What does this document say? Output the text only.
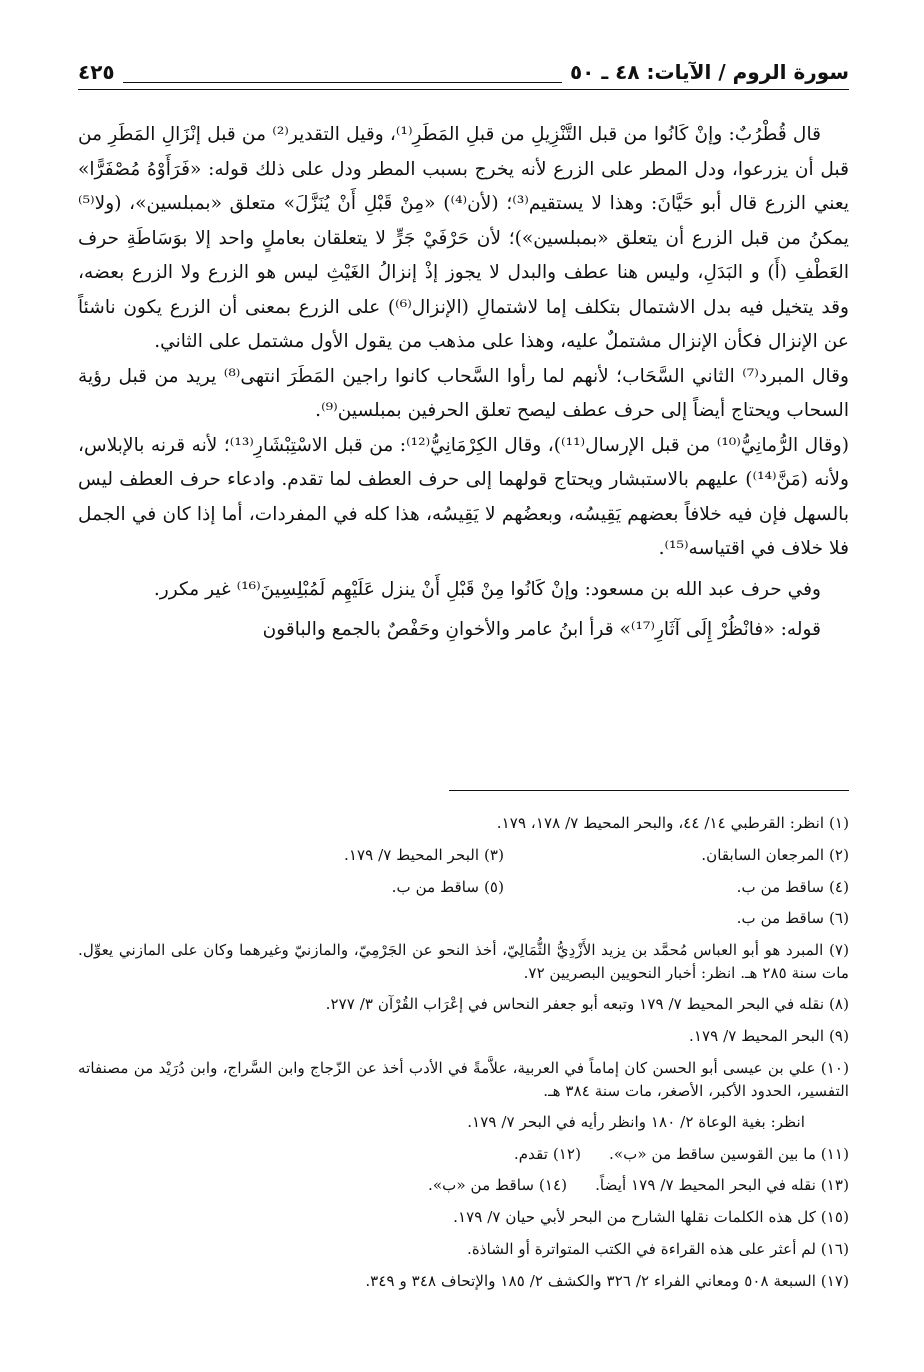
سورة الروم / الآيات: ٤٨ ـ ٥٠
٤٢٥

قال قُطْرُبٌ: وإنْ كَانُوا من قبل التَّنْزِيلِ من قبلِ المَطَرِ⁽¹⁾، وقيل التقدير⁽²⁾ من قبل إنْزَالِ المَطَرِ من قبل أن يزرعوا، ودل المطر على الزرع لأنه يخرج بسبب المطر ودل على ذلك قوله: «فَرَأَوْهُ مُصْفَرًّا» يعني الزرع قال أبو حَيَّانَ: وهذا لا يستقيم⁽³⁾؛ (لأن⁽⁴⁾) «مِنْ قَبْلِ أَنْ يُنَزَّلَ» متعلق «بمبلسين»، (ولا⁽⁵⁾ يمكنُ من قبل الزرع أن يتعلق «بمبلسين»)؛ لأن حَرْفَيْ جَرٍّ لا يتعلقان بعاملٍ واحد إلا بوَسَاطَةِ حرف العَطْفِ (أَ) و البَدَلِ، وليس هنا عطف والبدل لا يجوز إذْ إنزالُ الغَيْثِ ليس هو الزرع ولا الزرع بعضه، وقد يتخيل فيه بدل الاشتمال بتكلف إما لاشتمالِ (الإنزال⁽⁶⁾) على الزرع بمعنى أن الزرع يكون ناشئاً عن الإنزال فكأن الإنزال مشتملٌ عليه، وهذا على مذهب من يقول الأول مشتمل على الثاني.

وقال المبرد⁽⁷⁾ الثاني السَّحَاب؛ لأنهم لما رأوا السَّحاب كانوا راجين المَطَرَ انتهى⁽⁸⁾ يريد من قبل رؤية السحاب ويحتاج أيضاً إلى حرف عطف ليصح تعلق الحرفين بمبلسين⁽⁹⁾.

(وقال الرُّمانِيُّ⁽¹⁰⁾ من قبل الإرسال⁽¹¹⁾)، وقال الكِرْمَانِيُّ⁽¹²⁾: من قبل الاسْتِبْشَارِ⁽¹³⁾؛ لأنه قرنه بالإبلاس، ولأنه (مَنَّ⁽¹⁴⁾) عليهم بالاستبشار ويحتاج قولهما إلى حرف العطف لما تقدم. وادعاء حرف العطف ليس بالسهل فإن فيه خلافاً بعضهم يَقِيسُه، وبعضُهم لا يَقِيسُه، هذا كله في المفردات، أما إذا كان في الجمل فلا خلاف في اقتياسه⁽¹⁵⁾.

وفي حرف عبد الله بن مسعود: وإنْ كَانُوا مِنْ قَبْلِ أَنْ ينزل عَلَيْهِم لَمُبْلِسِينَ⁽¹⁶⁾ غير مكرر.

قوله: «فانْظُرْ إِلَى آثَارِ⁽¹⁷⁾» قرأ ابنُ عامر والأخوانِ وحَفْصٌ بالجمع والباقون

(١) انظر: القرطبي ١٤/ ٤٤، والبحر المحيط ٧/ ١٧٨، ١٧٩.
(٢) المرجعان السابقان.
(٣) البحر المحيط ٧/ ١٧٩.
(٤) ساقط من ب.
(٥) ساقط من ب.
(٦) ساقط من ب.
(٧) المبرد هو أبو العباس مُحمَّد بن يزيد الأَزْدِيُّ الثُّمَالِيّ، أخذ النحو عن الجَرْمِيّ، والمازنيّ وغيرهما وكان على المازني يعوِّل. مات سنة ٢٨٥ هـ. انظر: أخبار النحويين البصريين ٧٢.
(٨) نقله في البحر المحيط ٧/ ١٧٩ وتبعه أبو جعفر النحاس في إعْرَاب القُرْآن ٣/ ٢٧٧.
(٩) البحر المحيط ٧/ ١٧٩.
(١٠) علي بن عيسى أبو الحسن كان إماماً في العربية، علاَّمةً في الأدب أخذ عن الزّجاج وابن السَّراج، وابن دُرَيْد من مصنفاته التفسير، الحدود الأكبر، الأصغر، مات سنة ٣٨٤ هـ.
انظر: بغية الوعاة ٢/ ١٨٠ وانظر رأيه في البحر ٧/ ١٧٩.
(١١) ما بين القوسين ساقط من «ب».
(١٢) تقدم.
(١٣) نقله في البحر المحيط ٧/ ١٧٩ أيضاً.
(١٤) ساقط من «ب».
(١٥) كل هذه الكلمات نقلها الشارح من البحر لأبي حيان ٧/ ١٧٩.
(١٦) لم أعثر على هذه القراءة في الكتب المتواترة أو الشاذة.
(١٧) السبعة ٥٠٨ ومعاني الفراء ٢/ ٣٢٦ والكشف ٢/ ١٨٥ والإتحاف ٣٤٨ و ٣٤٩.
